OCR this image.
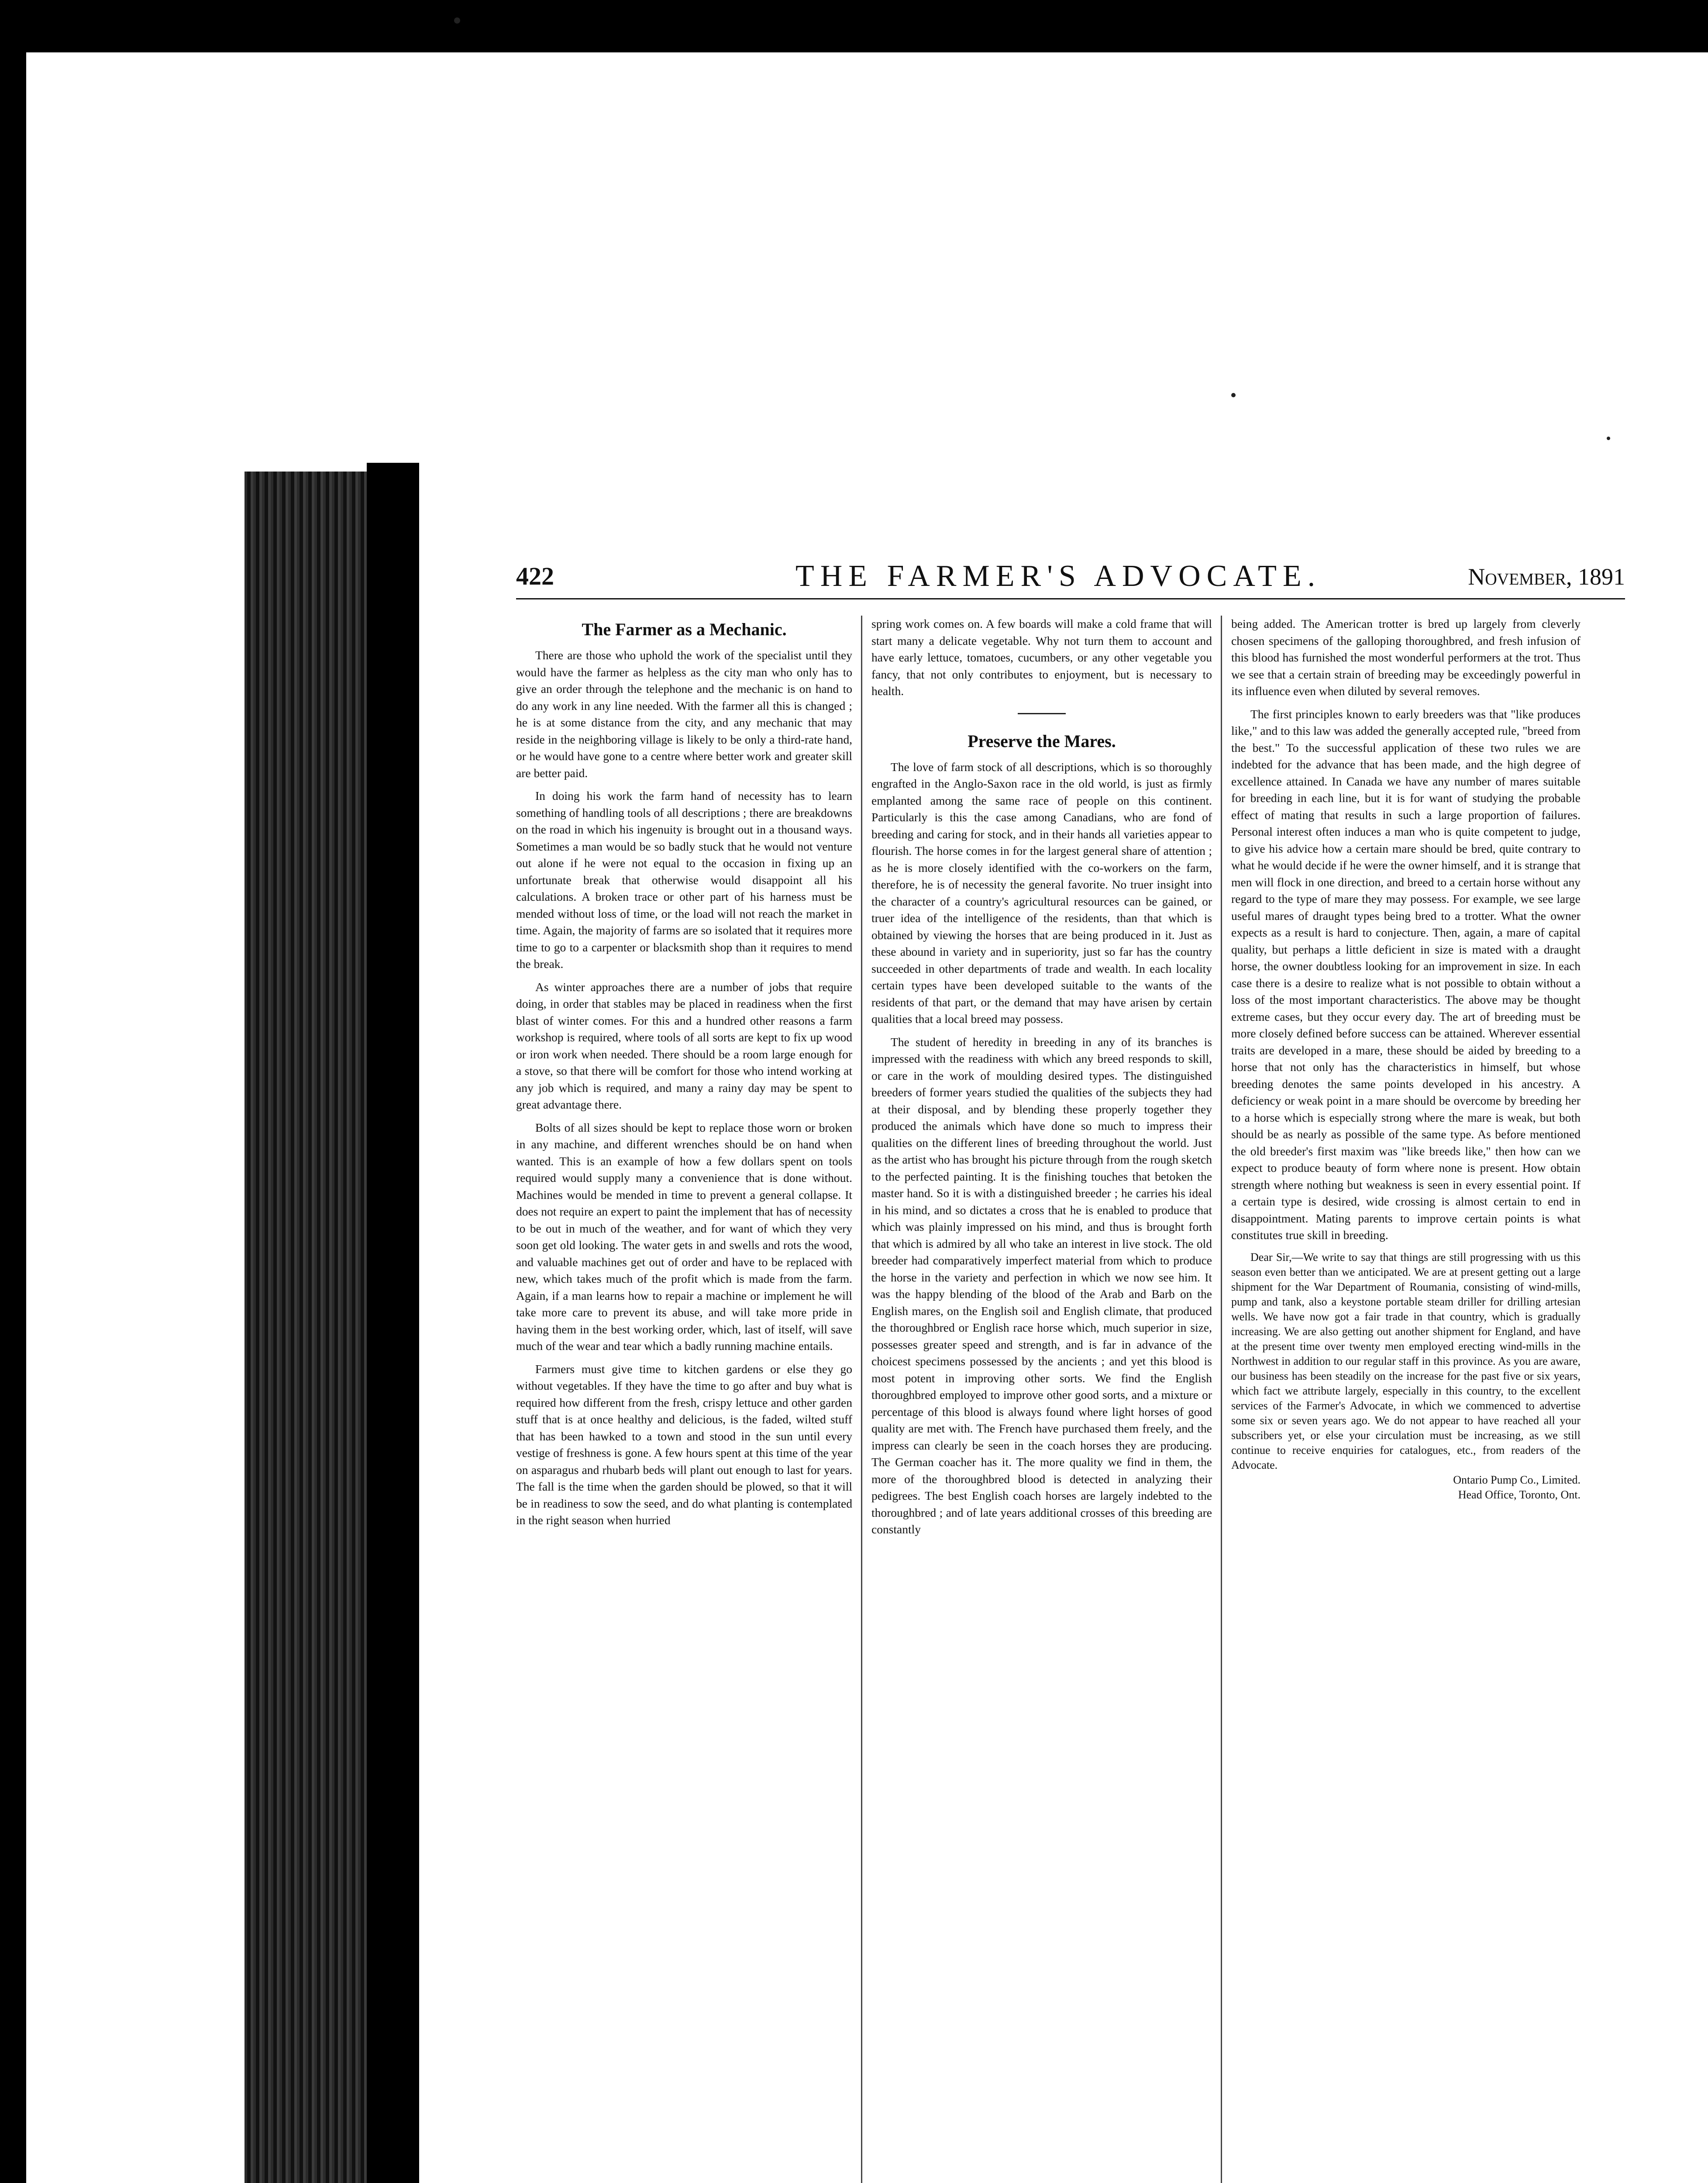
422	THE FARMER'S ADVOCATE.	November, 1891
The Farmer as a Mechanic.

There are those who uphold the work of the specialist until they would have the farmer as helpless as the city man who only has to give an order through the telephone and the mechanic is on hand to do any work in any line needed. With the farmer all this is changed ; he is at some distance from the city, and any mechanic that may reside in the neighboring village is likely to be only a third-rate hand, or he would have gone to a centre where better work and greater skill are better paid.

In doing his work the farm hand of necessity has to learn something of handling tools of all descriptions ; there are breakdowns on the road in which his ingenuity is brought out in a thousand ways. Sometimes a man would be so badly stuck that he would not venture out alone if he were not equal to the occasion in fixing up an unfortunate break that otherwise would disappoint all his calculations. A broken trace or other part of his harness must be mended without loss of time, or the load will not reach the market in time. Again, the majority of farms are so isolated that it requires more time to go to a carpenter or blacksmith shop than it requires to mend the break.

As winter approaches there are a number of jobs that require doing, in order that stables may be placed in readiness when the first blast of winter comes. For this and a hundred other reasons a farm workshop is required, where tools of all sorts are kept to fix up wood or iron work when needed. There should be a room large enough for a stove, so that there will be comfort for those who intend working at any job which is required, and many a rainy day may be spent to great advantage there.

Bolts of all sizes should be kept to replace those worn or broken in any machine, and different wrenches should be on hand when wanted. This is an example of how a few dollars spent on tools required would supply many a convenience that is done without. Machines would be mended in time to prevent a general collapse. It does not require an expert to paint the implement that has of necessity to be out in much of the weather, and for want of which they very soon get old looking. The water gets in and swells and rots the wood, and valuable machines get out of order and have to be replaced with new, which takes much of the profit which is made from the farm. Again, if a man learns how to repair a machine or implement he will take more care to prevent its abuse, and will take more pride in having them in the best working order, which, last of itself, will save much of the wear and tear which a badly running machine entails.

Farmers must give time to kitchen gardens or else they go without vegetables. If they have the time to go after and buy what is required how different from the fresh, crispy lettuce and other garden stuff that is at once healthy and delicious, is the faded, wilted stuff that has been hawked to a town and stood in the sun until every vestige of freshness is gone. A few hours spent at this time of the year on asparagus and rhubarb beds will plant out enough to last for years. The fall is the time when the garden should be plowed, so that it will be in readiness to sow the seed, and do what planting is contemplated in the right season when hurried

spring work comes on. A few boards will make a cold frame that will start many a delicate vegetable. Why not turn them to account and have early lettuce, tomatoes, cucumbers, or any other vegetable you fancy, that not only contributes to enjoyment, but is necessary to health.

Preserve the Mares.

The love of farm stock of all descriptions, which is so thoroughly engrafted in the Anglo-Saxon race in the old world, is just as firmly emplanted among the same race of people on this continent. Particularly is this the case among Canadians, who are fond of breeding and caring for stock, and in their hands all varieties appear to flourish. The horse comes in for the largest general share of attention ; as he is more closely identified with the co-workers on the farm, therefore, he is of necessity the general favorite. No truer insight into the character of a country's agricultural resources can be gained, or truer idea of the intelligence of the residents, than that which is obtained by viewing the horses that are being produced in it. Just as these abound in variety and in superiority, just so far has the country succeeded in other departments of trade and wealth. In each locality certain types have been developed suitable to the wants of the residents of that part, or the demand that may have arisen by certain qualities that a local breed may possess.

The student of heredity in breeding in any of its branches is impressed with the readiness with which any breed responds to skill, or care in the work of moulding desired types. The distinguished breeders of former years studied the qualities of the subjects they had at their disposal, and by blending these properly together they produced the animals which have done so much to impress their qualities on the different lines of breeding throughout the world. Just as the artist who has brought his picture through from the rough sketch to the perfected painting. It is the finishing touches that betoken the master hand. So it is with a distinguished breeder ; he carries his ideal in his mind, and so dictates a cross that he is enabled to produce that which was plainly impressed on his mind, and thus is brought forth that which is admired by all who take an interest in live stock. The old breeder had comparatively imperfect material from which to produce the horse in the variety and perfection in which we now see him. It was the happy blending of the blood of the Arab and Barb on the English mares, on the English soil and English climate, that produced the thoroughbred or English race horse which, much superior in size, possesses greater speed and strength, and is far in advance of the choicest specimens possessed by the ancients ; and yet this blood is most potent in improving other sorts. We find the English thoroughbred employed to improve other good sorts, and a mixture or percentage of this blood is always found where light horses of good quality are met with. The French have purchased them freely, and the impress can clearly be seen in the coach horses they are producing. The German coacher has it. The more quality we find in them, the more of the thoroughbred blood is detected in analyzing their pedigrees. The best English coach horses are largely indebted to the thoroughbred ; and of late years additional crosses of this breeding are constantly

being added. The American trotter is bred up largely from cleverly chosen specimens of the galloping thoroughbred, and fresh infusion of this blood has furnished the most wonderful performers at the trot. Thus we see that a certain strain of breeding may be exceedingly powerful in its influence even when diluted by several removes.

The first principles known to early breeders was that "like produces like," and to this law was added the generally accepted rule, "breed from the best." To the successful application of these two rules we are indebted for the advance that has been made, and the high degree of excellence attained. In Canada we have any number of mares suitable for breeding in each line, but it is for want of studying the probable effect of mating that results in such a large proportion of failures. Personal interest often induces a man who is quite competent to judge, to give his advice how a certain mare should be bred, quite contrary to what he would decide if he were the owner himself, and it is strange that men will flock in one direction, and breed to a certain horse without any regard to the type of mare they may possess. For example, we see large useful mares of draught types being bred to a trotter. What the owner expects as a result is hard to conjecture. Then, again, a mare of capital quality, but perhaps a little deficient in size is mated with a draught horse, the owner doubtless looking for an improvement in size. In each case there is a desire to realize what is not possible to obtain without a loss of the most important characteristics. The above may be thought extreme cases, but they occur every day. The art of breeding must be more closely defined before success can be attained. Wherever essential traits are developed in a mare, these should be aided by breeding to a horse that not only has the characteristics in himself, but whose breeding denotes the same points developed in his ancestry. A deficiency or weak point in a mare should be overcome by breeding her to a horse which is especially strong where the mare is weak, but both should be as nearly as possible of the same type. As before mentioned the old breeder's first maxim was "like breeds like," then how can we expect to produce beauty of form where none is present. How obtain strength where nothing but weakness is seen in every essential point. If a certain type is desired, wide crossing is almost certain to end in disappointment. Mating parents to improve certain points is what constitutes true skill in breeding.

Dear Sir,—We write to say that things are still progressing with us this season even better than we anticipated. We are at present getting out a large shipment for the War Department of Roumania, consisting of wind-mills, pump and tank, also a keystone portable steam driller for drilling artesian wells. We have now got a fair trade in that country, which is gradually increasing. We are also getting out another shipment for England, and have at the present time over twenty men employed erecting wind-mills in the Northwest in addition to our regular staff in this province. As you are aware, our business has been steadily on the increase for the past five or six years, which fact we attribute largely, especially in this country, to the excellent services of the Farmer's Advocate, in which we commenced to advertise some six or seven years ago. We do not appear to have reached all your subscribers yet, or else your circulation must be increasing, as we still continue to receive enquiries for catalogues, etc., from readers of the Advocate.

Ontario Pump Co., Limited.

Head Office, Toronto, Ont.
